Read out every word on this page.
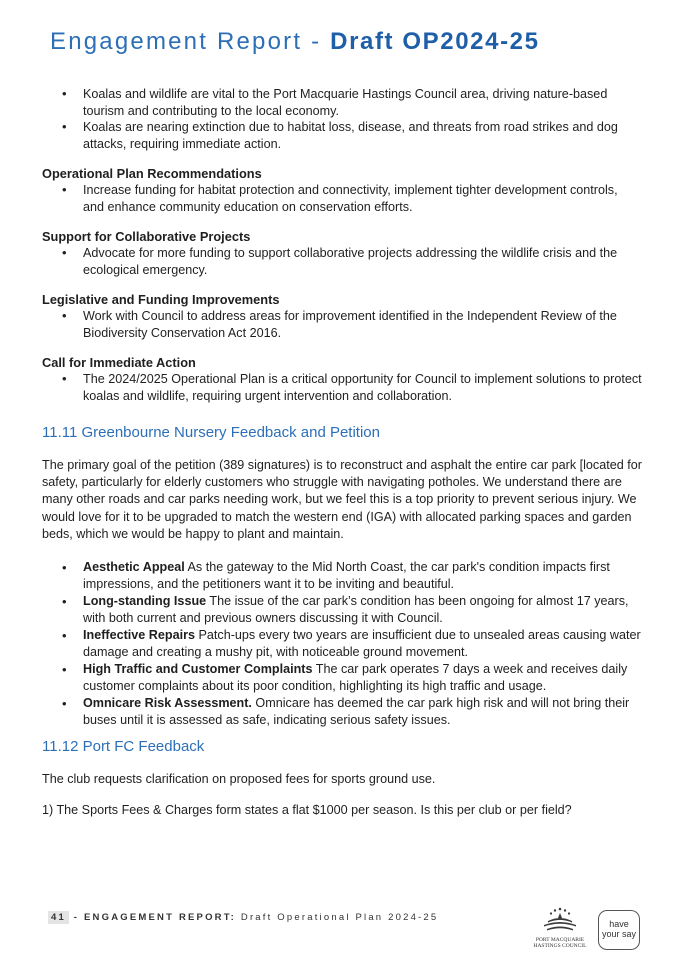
Engagement Report - Draft OP2024-25
• Koalas and wildlife are vital to the Port Macquarie Hastings Council area, driving nature-based tourism and contributing to the local economy.
• Koalas are nearing extinction due to habitat loss, disease, and threats from road strikes and dog attacks, requiring immediate action.
Operational Plan Recommendations
• Increase funding for habitat protection and connectivity, implement tighter development controls, and enhance community education on conservation efforts.
Support for Collaborative Projects
• Advocate for more funding to support collaborative projects addressing the wildlife crisis and the ecological emergency.
Legislative and Funding Improvements
• Work with Council to address areas for improvement identified in the Independent Review of the Biodiversity Conservation Act 2016.
Call for Immediate Action
• The 2024/2025 Operational Plan is a critical opportunity for Council to implement solutions to protect koalas and wildlife, requiring urgent intervention and collaboration.
11.11 Greenbourne Nursery Feedback and Petition
The primary goal of the petition (389 signatures) is to reconstruct and asphalt the entire car park [located for safety, particularly for elderly customers who struggle with navigating potholes. We understand there are many other roads and car parks needing work, but we feel this is a top priority to prevent serious injury. We would love for it to be upgraded to match the western end (IGA) with allocated parking spaces and garden beds, which we would be happy to plant and maintain.
• Aesthetic Appeal As the gateway to the Mid North Coast, the car park's condition impacts first impressions, and the petitioners want it to be inviting and beautiful.
• Long-standing Issue The issue of the car park’s condition has been ongoing for almost 17 years, with both current and previous owners discussing it with Council.
• Ineffective Repairs Patch-ups every two years are insufficient due to unsealed areas causing water damage and creating a mushy pit, with noticeable ground movement.
• High Traffic and Customer Complaints The car park operates 7 days a week and receives daily customer complaints about its poor condition, highlighting its high traffic and usage.
• Omnicare Risk Assessment. Omnicare has deemed the car park high risk and will not bring their buses until it is assessed as safe, indicating serious safety issues.
11.12 Port FC Feedback
The club requests clarification on proposed fees for sports ground use.
1) The Sports Fees & Charges form states a flat $1000 per season. Is this per club or per field?
41 - ENGAGEMENT REPORT: Draft Operational Plan 2024-25
PORT MACQUARIE
HASTINGS COUNCIL
have
your say
